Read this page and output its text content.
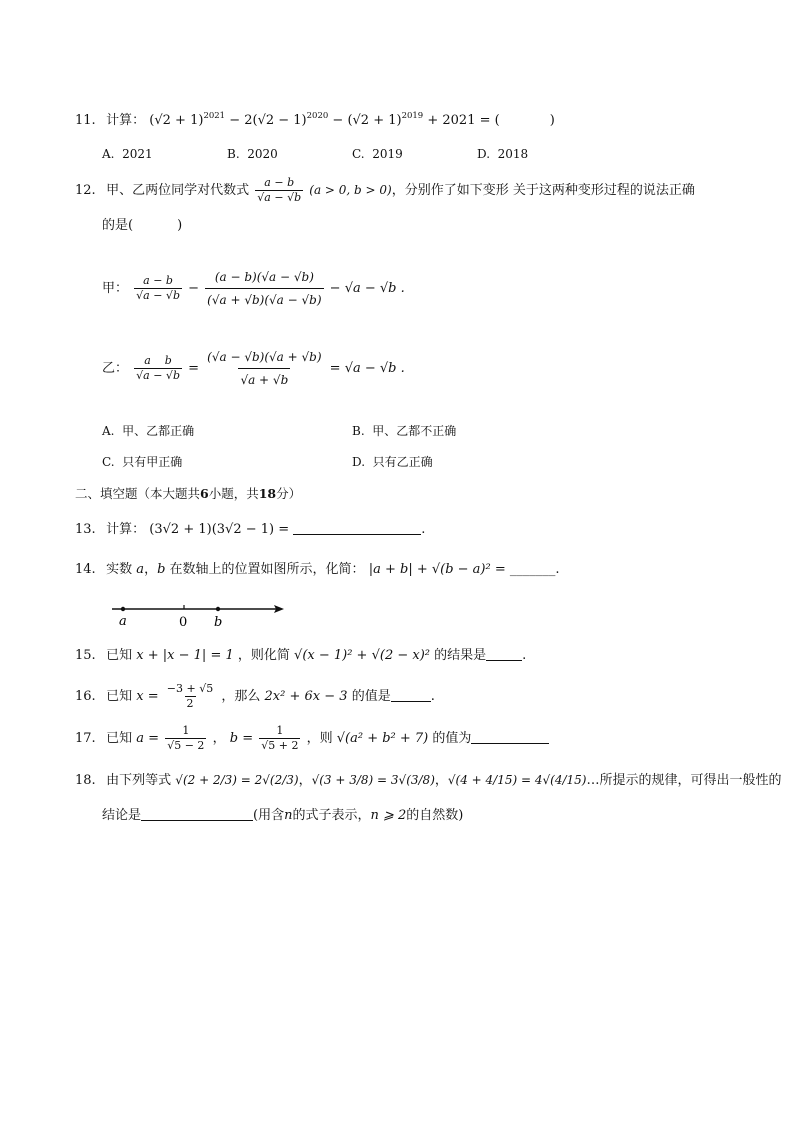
11. 计算： $(√2 + 1)^{2021} - 2(√2 - 1)^{2020} - (√2 + 1)^{2019} + 2021$ = (	)
A. 2021	B. 2020	C. 2019	D. 2018
12. 甲、乙两位同学对代数式 $\frac{a - b}{√a - √b} (a > 0$, b > 0)，分别作了如下变形 关于这两种变形过程的说法正确
的是(	)
甲： $\frac{a - b}{√a - √b} - \frac{(a - b)(√a - √b)}{(√a + √b)(√a - √b)} - √a - √b$ .
乙： $\frac{\text{a    b}}{√a - √b} = \frac{(√a - √b)(√a + √b)}{√a + √b} = √a - √b$ .
A. 甲、乙都正确	B. 甲、乙都不正确
C. 只有甲正确	D. 只有乙正确
二、填空题（本大题共6小题，共18分）
13. 计算： (3√2 + 1)(3√2 − 1) =	.
14. 实数 a，b 在数轴上的位置如图所示，化简： |a + b| + √(b − a)² = _______.
a	0 b
15. 已知 x + |x − 1| = 1 ，则化简 √(x − 1)² + √(2 − x)² 的结果是	.
16. 已知 $x = \frac{-3 + √5}{2}$ ，那么 2x² + 6x − 3 的值是	.
17. 已知 $a = \frac{1}{√5 - 2}$ ， $b = \frac{1}{√5 + 2}$ ，则 √(a² + b² + 7) 的值为
18. 由下列等式 √(2 + 2/3) = 2√(2/3)，√(3 + 3/8) = 3√(3/8)，√(4 + 4/15) = 4√(4/15)…所提示的规律，可得出一般性的
结论是	(用含n的式子表示，n ⩾ 2的自然数)
